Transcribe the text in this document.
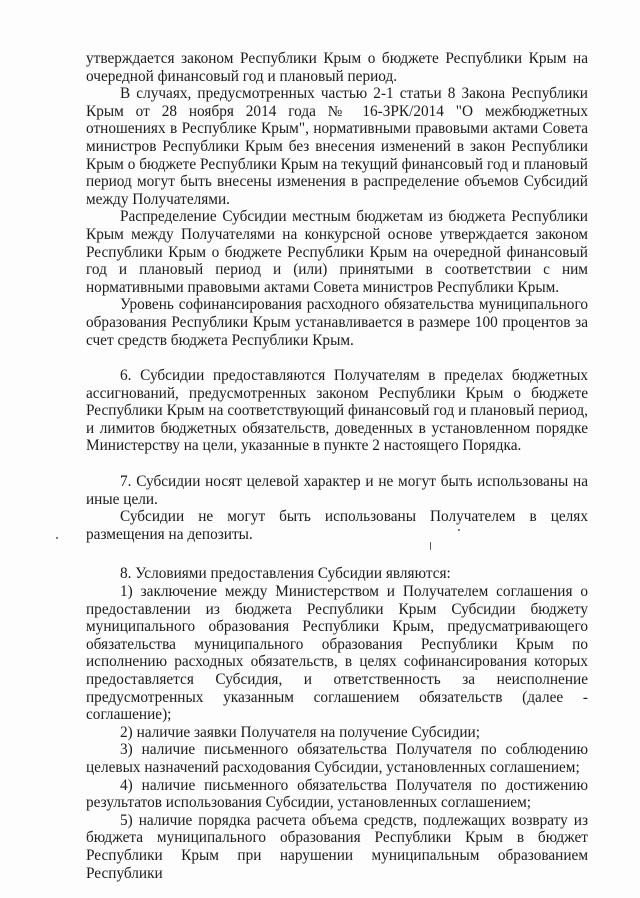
утверждается законом Республики Крым о бюджете Республики Крым на очередной финансовый год и плановый период.

В случаях, предусмотренных частью 2-1 статьи 8 Закона Республики Крым от 28 ноября 2014 года № 16-ЗРК/2014 "О межбюджетных отношениях в Республике Крым", нормативными правовыми актами Совета министров Республики Крым без внесения изменений в закон Республики Крым о бюджете Республики Крым на текущий финансовый год и плановый период могут быть внесены изменения в распределение объемов Субсидий между Получателями.

Распределение Субсидии местным бюджетам из бюджета Республики Крым между Получателями на конкурсной основе утверждается законом Республики Крым о бюджете Республики Крым на очередной финансовый год и плановый период и (или) принятыми в соответствии с ним нормативными правовыми актами Совета министров Республики Крым.

Уровень софинансирования расходного обязательства муниципального образования Республики Крым устанавливается в размере 100 процентов за счет средств бюджета Республики Крым.

6. Субсидии предоставляются Получателям в пределах бюджетных ассигнований, предусмотренных законом Республики Крым о бюджете Республики Крым на соответствующий финансовый год и плановый период, и лимитов бюджетных обязательств, доведенных в установленном порядке Министерству на цели, указанные в пункте 2 настоящего Порядка.

7. Субсидии носят целевой характер и не могут быть использованы на иные цели.

Субсидии не могут быть использованы Получателем в целях размещения на депозиты.

8. Условиями предоставления Субсидии являются:

1) заключение между Министерством и Получателем соглашения о предоставлении из бюджета Республики Крым Субсидии бюджету муниципального образования Республики Крым, предусматривающего обязательства муниципального образования Республики Крым по исполнению расходных обязательств, в целях софинансирования которых предоставляется Субсидия, и ответственность за неисполнение предусмотренных указанным соглашением обязательств (далее - соглашение);

2) наличие заявки Получателя на получение Субсидии;

3) наличие письменного обязательства Получателя по соблюдению целевых назначений расходования Субсидии, установленных соглашением;

4) наличие письменного обязательства Получателя по достижению результатов использования Субсидии, установленных соглашением;

5) наличие порядка расчета объема средств, подлежащих возврату из бюджета муниципального образования Республики Крым в бюджет Республики Крым при нарушении муниципальным образованием Республики
